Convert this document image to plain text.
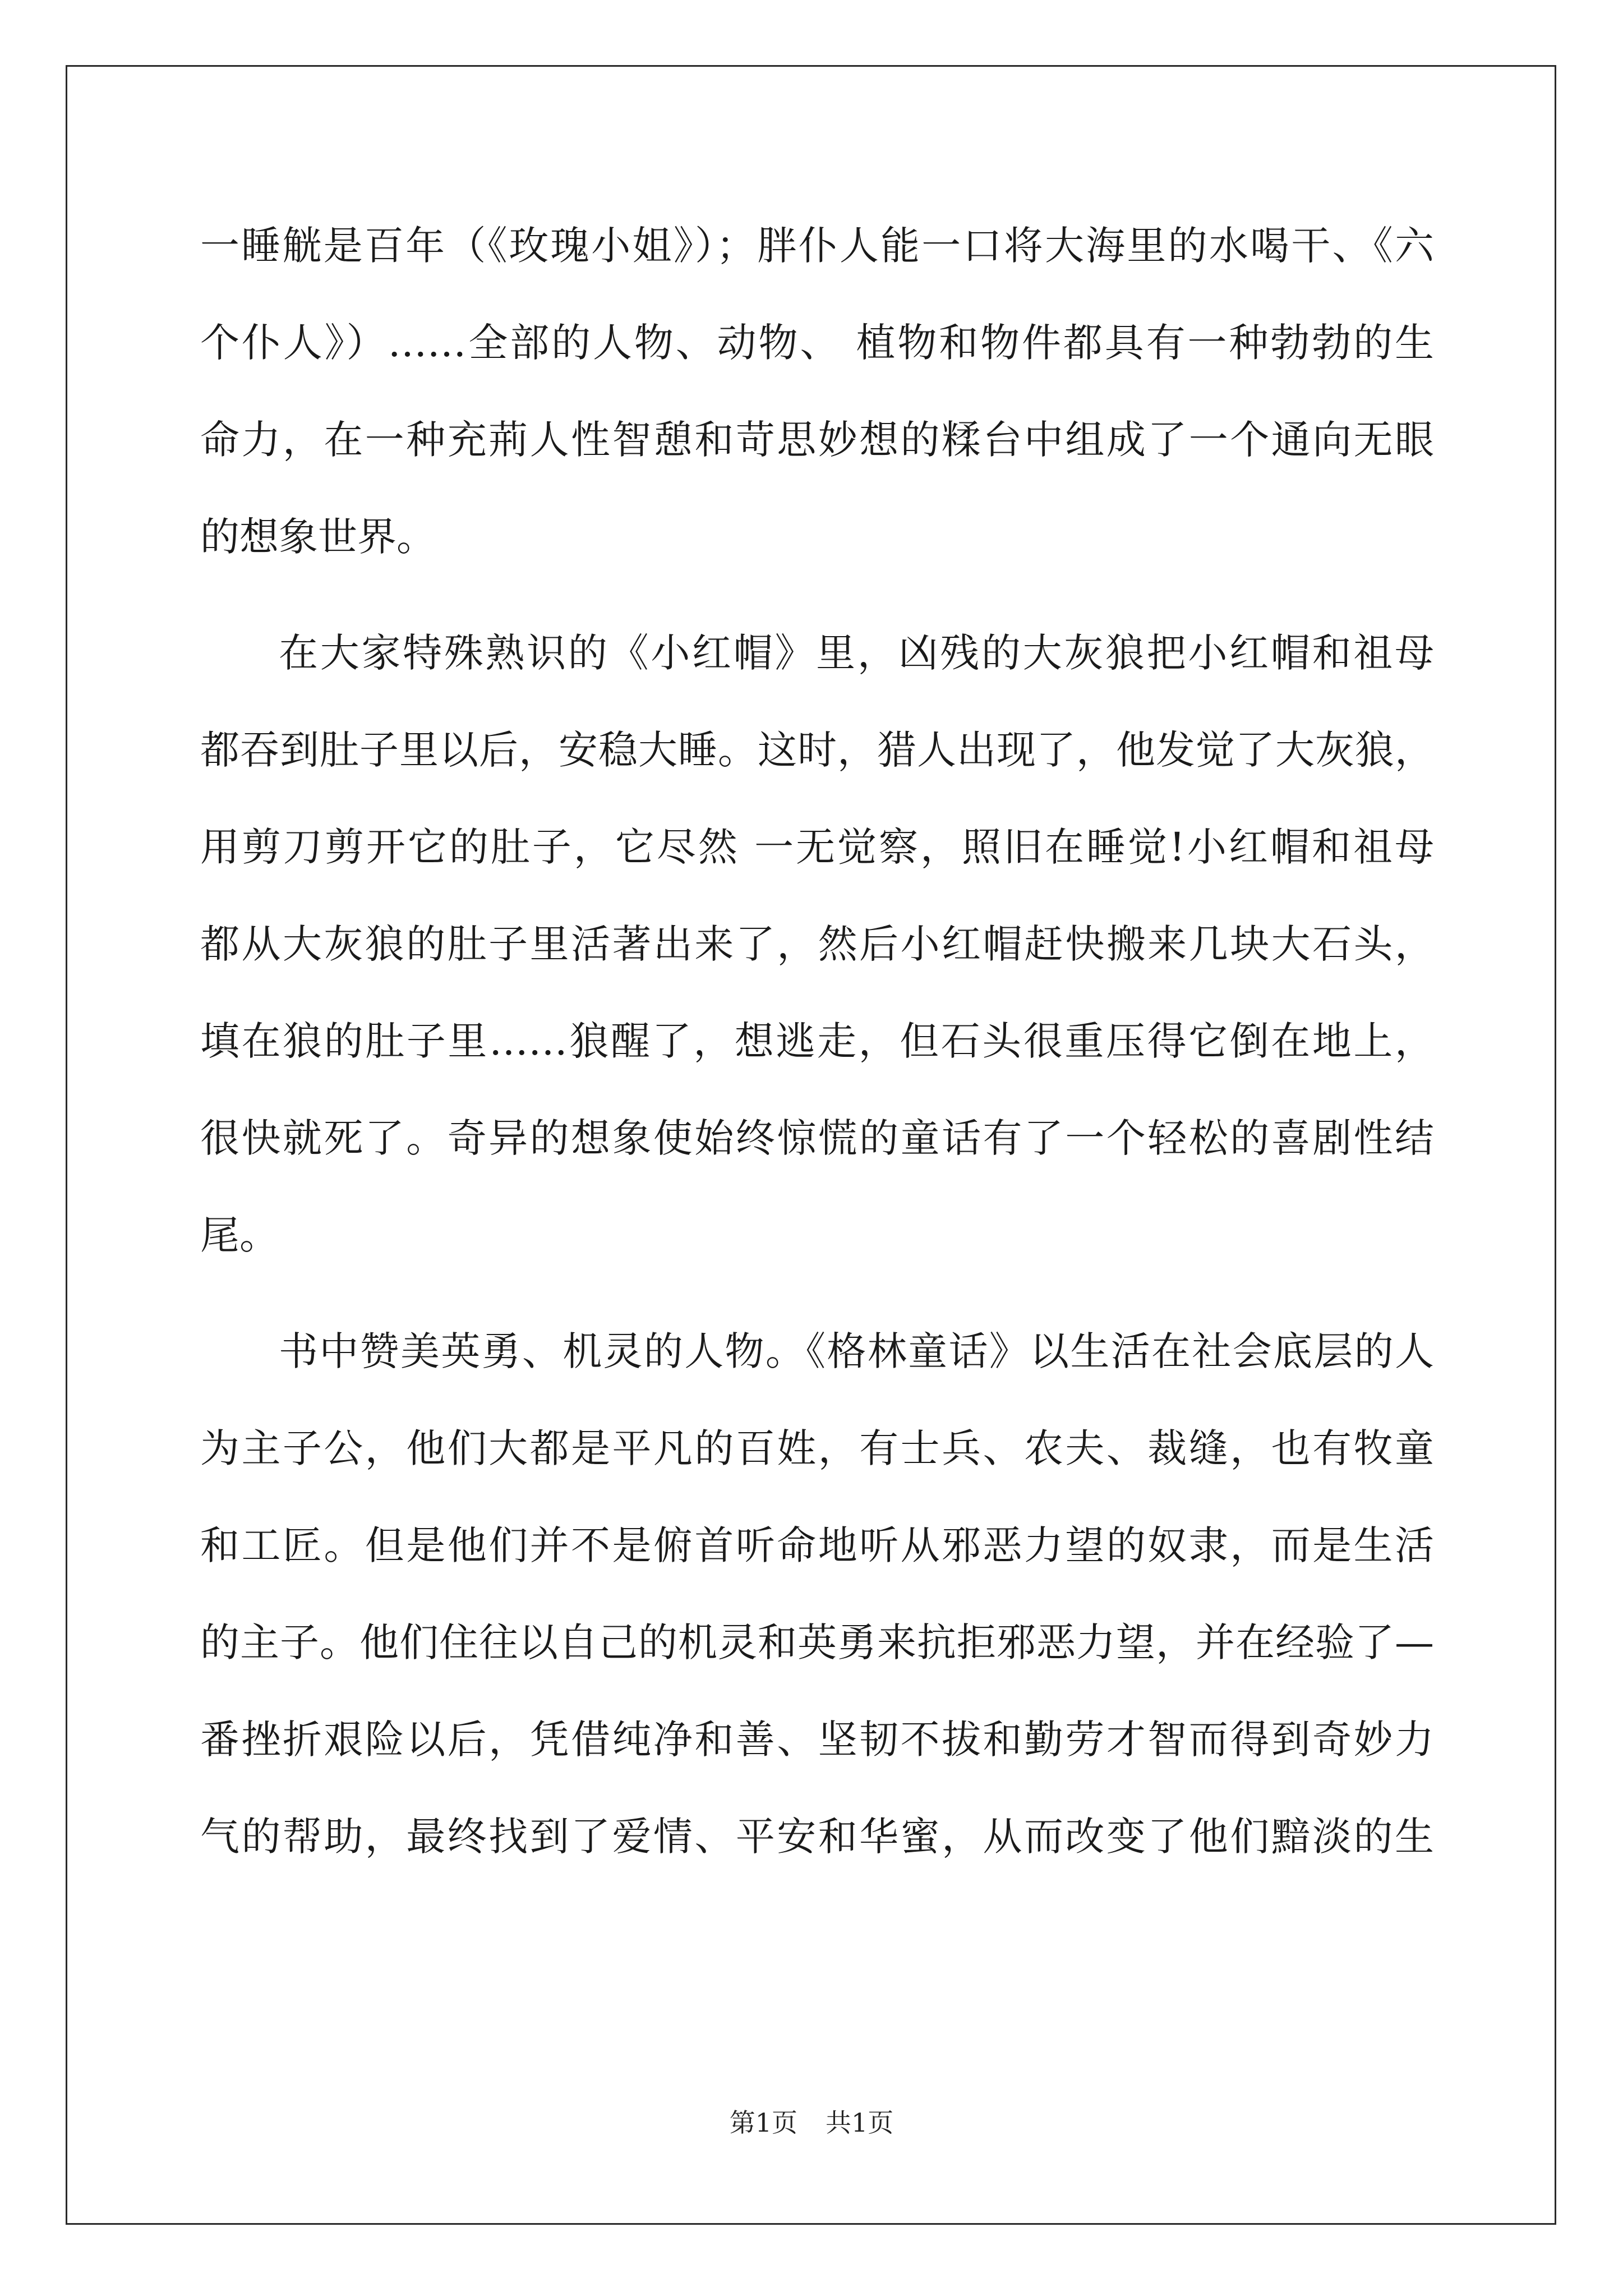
一睡觥是百年（《玫瑰小姐》）；胖仆人能一口将大海里的水喝干、《六
个仆人》）……全部的人物、动物、 植物和物件都具有一种勃勃的生
命力，在一种充荊人性智憩和苛思妙想的糅台中组成了一个通向无眼
的想象世界。
在大家特殊熟识的《小红帽》里，凶残的大灰狼把小红帽和祖母
都吞到肚子里以后，安稳大睡。这时，猎人出现了，他发觉了大灰狼，
用剪刀剪开它的肚子，它尽然 一无觉察，照旧在睡觉!小红帽和祖母
都从大灰狼的肚子里活著出来了，然后小红帽赶快搬来几块大石头，
填在狼的肚子里……狼醒了，想逃走，但石头很重压得它倒在地上，
很快就死了。奇异的想象使始终惊慌的童话有了一个轻松的喜剧性结
尾。
书中赞美英勇、机灵的人物。《格林童话》以生活在社会底层的人
为主子公，他们大都是平凡的百姓，有士兵、农夫、裁缝，也有牧童
和工匠。但是他们并不是俯首听命地听从邪恶力望的奴隶，而是生活
的主子。他们住往以自己的机灵和英勇来抗拒邪恶力望，并在经验了—
番挫折艰险以后，凭借纯净和善、坚韧不拔和勤劳才智而得到奇妙力
气的帮助，最终找到了爱情、平安和华蜜，从而改变了他们黯淡的生
第1页 共1页
